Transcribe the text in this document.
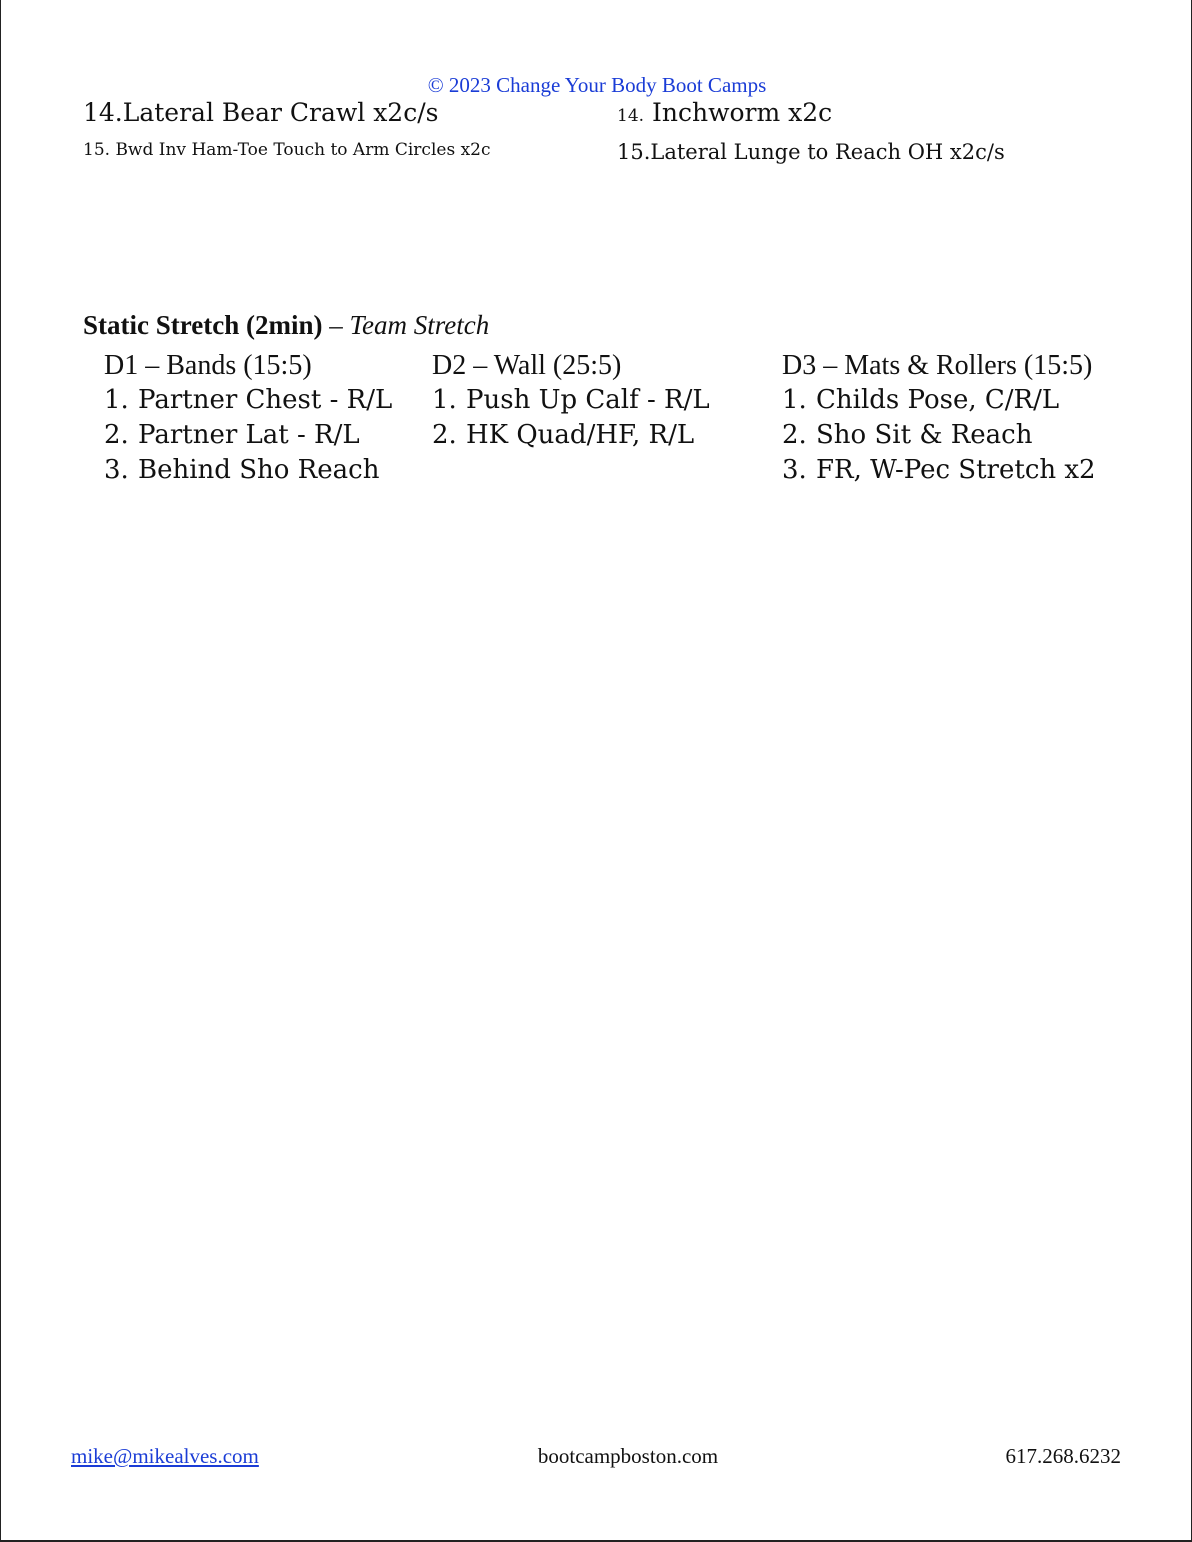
© 2023 Change Your Body Boot Camps
14.Lateral Bear Crawl x2c/s
15. Bwd Inv Ham-Toe Touch to Arm Circles x2c
14. Inchworm x2c
15.Lateral Lunge to Reach OH x2c/s
Static Stretch (2min) – Team Stretch
D1 – Bands (15:5)
1. Partner Chest - R/L
2. Partner Lat - R/L
3. Behind Sho Reach
D2 – Wall (25:5)
1. Push Up Calf - R/L
2. HK Quad/HF, R/L
D3 – Mats & Rollers (15:5)
1. Childs Pose, C/R/L
2. Sho Sit & Reach
3. FR, W-Pec Stretch x2
mike@mikealves.com	bootcampboston.com	617.268.6232
